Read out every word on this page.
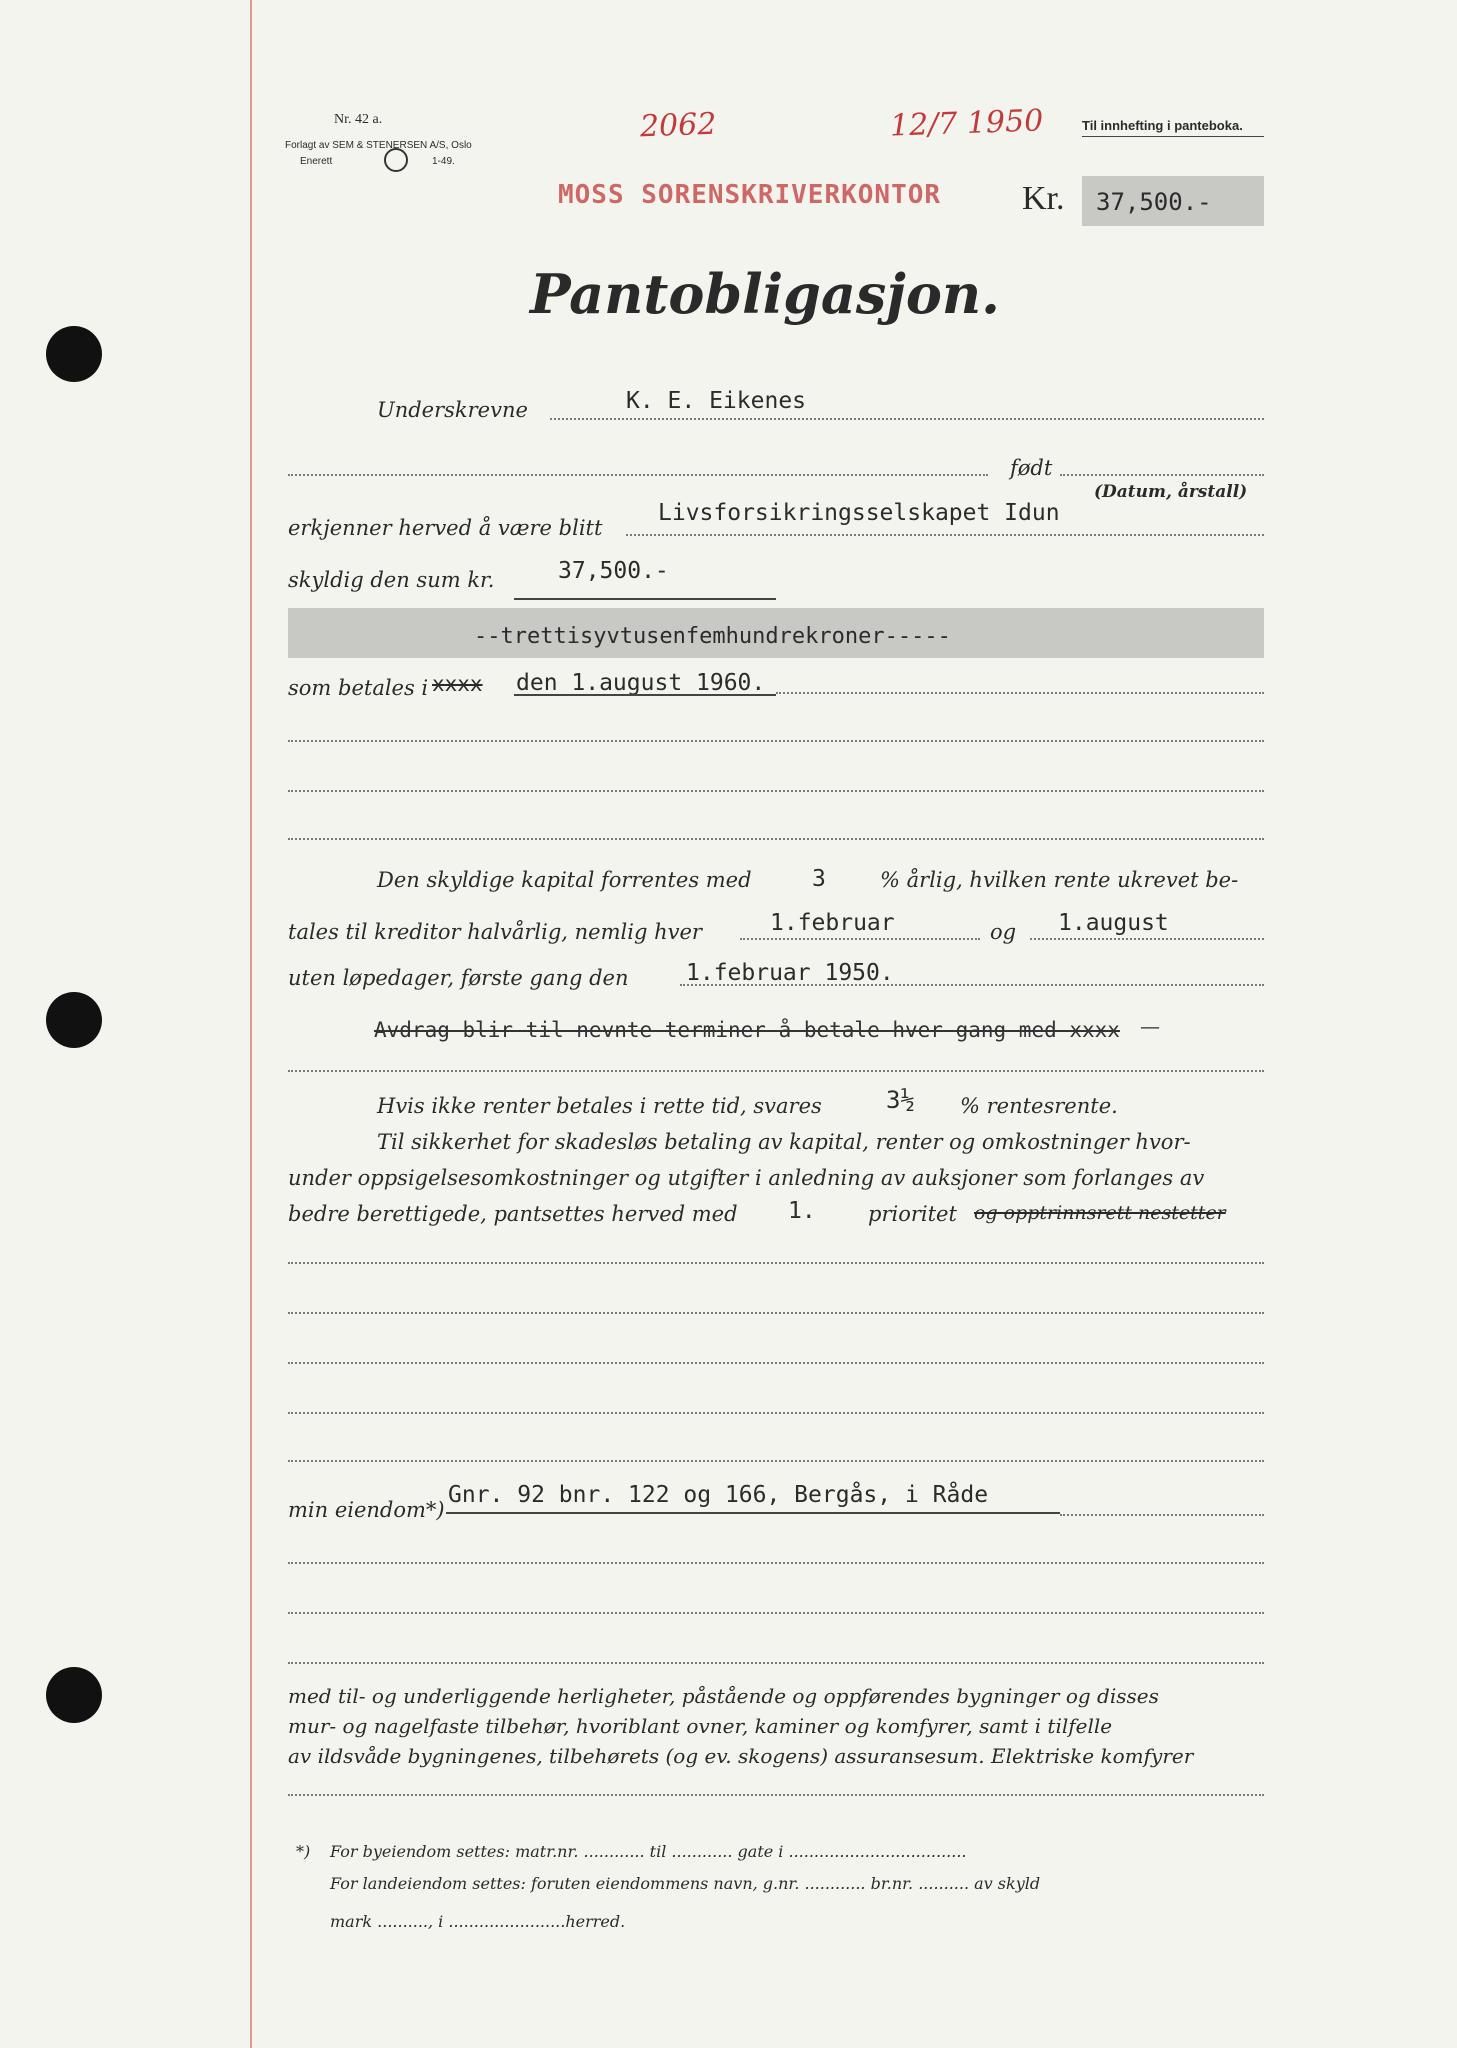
Nr. 42 a.
Forlagt av SEM & STENERSEN A/S, Oslo
Enerett	1-49.
2062	12/7 1950
MOSS SORENSKRIVERKONTOR
Til innhefting i panteboka.
Kr. 37,500.-
Pantobligasjon.
Underskrevne	K. E. Eikenes
født
(Datum, årstall)
erkjenner herved å være blitt
Livsforsikringsselskapet Idun
skyldig den sum kr.	37,500.-
--trettisyvtusenfemhundrekroner-----
som betales i xxxx den 1.august 1960.
Den skyldige kapital forrentes med	3	% årlig, hvilken rente ukrevet be-
tales til kreditor halvårlig, nemlig hver	1.februar	og 1.august
uten løpedager, første gang den 1.februar 1950.
Avdrag blir til nevnte terminer å betale hver gang med xxxx —
Hvis ikke renter betales i rette tid, svares	3½ % rentesrente.
Til sikkerhet for skadesløs betaling av kapital, renter og omkostninger hvor-
under oppsigelsesomkostninger og utgifter i anledning av auksjoner som forlanges av
bedre berettigede, pantsettes herved med 1. prioritet og opptrinnsrett nestetter
min eiendom*)
Gnr. 92 bnr. 122 og 166, Bergås, i Råde
med til- og underliggende herligheter, påstående og oppførendes bygninger og disses
mur- og nagelfaste tilbehør, hvoriblant ovner, kaminer og komfyrer, samt i tilfelle
av ildsvåde bygningenes, tilbehørets (og ev. skogens) assuransesum. Elektriske komfyrer
*) For byeiendom settes: matr.nr. ............ til ............ gate i ...................................
For landeiendom settes: foruten eiendommens navn, g.nr. ............ br.nr. .......... av skyld
mark .........., i .......................herred.
